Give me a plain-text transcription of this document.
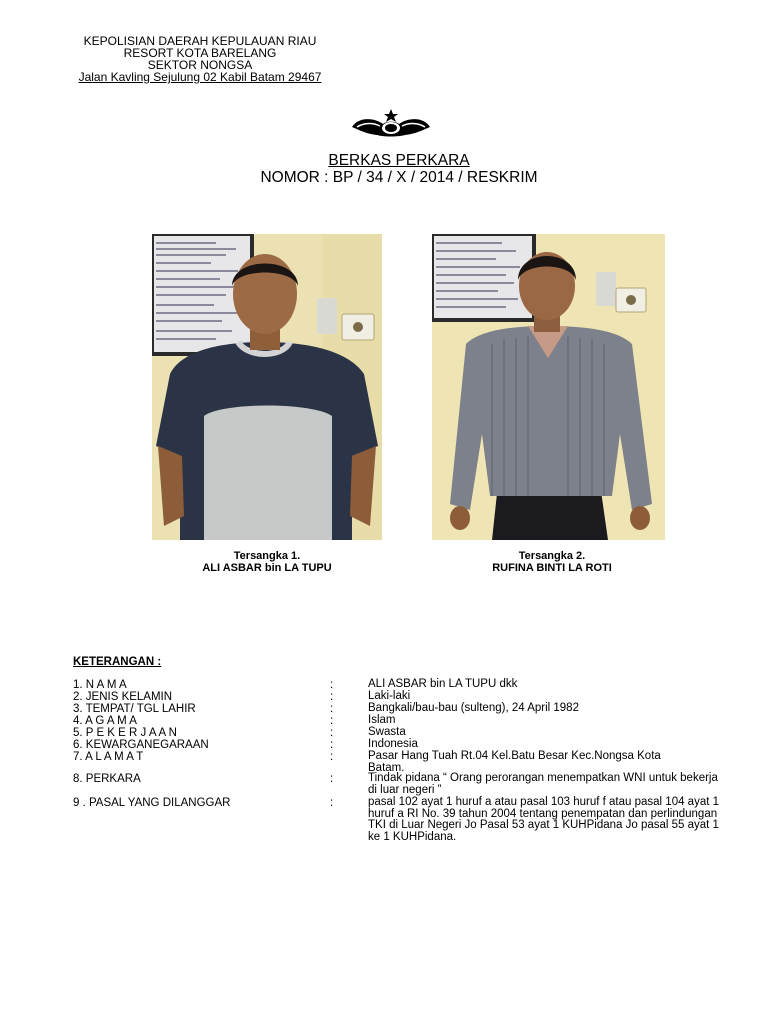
KEPOLISIAN DAERAH KEPULAUAN RIAU
RESORT KOTA BARELANG
SEKTOR NONGSA
Jalan Kavling Sejulung 02 Kabil Batam 29467
BERKAS PERKARA
NOMOR : BP / 34 / X / 2014 / RESKRIM
Tersangka 1.
ALI ASBAR bin LA TUPU
Tersangka 2.
RUFINA BINTI LA ROTI
KETERANGAN :
1. N A M A	:	ALI ASBAR bin LA TUPU dkk
2. JENIS KELAMIN	:	Laki-laki
3. TEMPAT/ TGL LAHIR	:	Bangkali/bau-bau (sulteng), 24 April 1982
4. A G A M A	:	Islam
5. P E K E R J A A N	:	Swasta
6. KEWARGANEGARAAN	:	Indonesia
7. A L A M A T	:	Pasar Hang Tuah Rt.04 Kel.Batu Besar Kec.Nongsa Kota Batam.
8. PERKARA	:	Tindak pidana “ Orang perorangan menempatkan WNI untuk bekerja di luar negeri ”
9 . PASAL YANG DILANGGAR	:	pasal 102 ayat 1 huruf a atau pasal 103 huruf f atau pasal 104 ayat 1 huruf a RI No. 39 tahun 2004 tentang penempatan dan perlindungan TKI di Luar Negeri Jo Pasal 53 ayat 1 KUHPidana Jo pasal 55 ayat 1 ke 1 KUHPidana.
